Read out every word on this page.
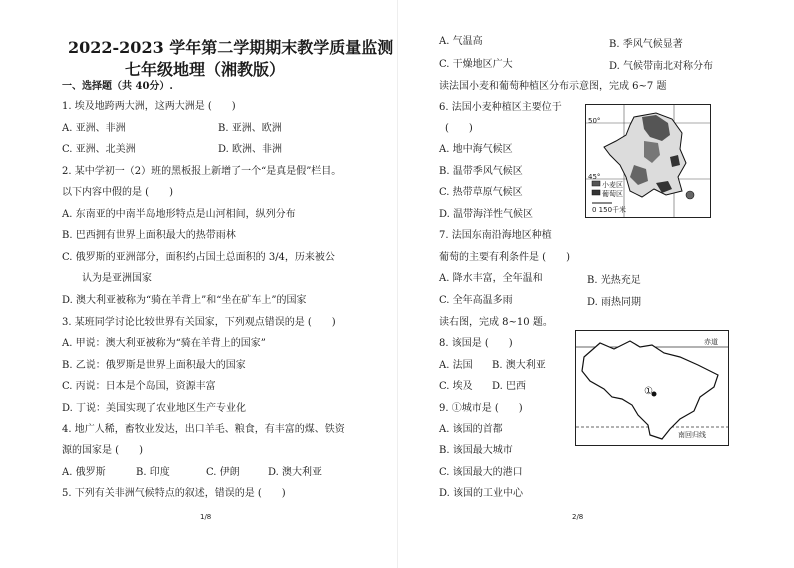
2022-2023 学年第二学期期末教学质量监测
七年级地理（湘教版）
一、选择题（共 40分）.
1. 埃及地跨两大洲，这两大洲是 (　　)
A. 亚洲、非洲	B. 亚洲、欧洲
C. 亚洲、北美洲	D. 欧洲、非洲
2. 某中学初一（2）班的黑板报上新增了一个“是真是假”栏目。
以下内容中假的是 (　　)
A. 东南亚的中南半岛地形特点是山河相间，纵列分布
B. 巴西拥有世界上面积最大的热带雨林
C. 俄罗斯的亚洲部分，面积约占国土总面积的 3/4，历来被公
认为是亚洲国家
D. 澳大利亚被称为“骑在羊背上”和“坐在矿车上”的国家
3. 某班同学讨论比较世界有关国家，下列观点错误的是 (　　)
A. 甲说：澳大利亚被称为“骑在羊背上的国家”
B. 乙说：俄罗斯是世界上面积最大的国家
C. 丙说：日本是个岛国，资源丰富
D. 丁说：美国实现了农业地区生产专业化
4. 地广人稀，畜牧业发达，出口羊毛、粮食，有丰富的煤、铁资
源的国家是 (　　)
A. 俄罗斯	B. 印度	C. 伊朗	D. 澳大利亚
5. 下列有关非洲气候特点的叙述，错误的是 (　　)
1/8
A. 气温高	B. 季风气候显著
C. 干燥地区广大	D. 气候带南北对称分布
读法国小麦和葡萄种植区分布示意图，完成 6~7 题
6. 法国小麦种植区主要位于
(　　)
A. 地中海气候区
B. 温带季风气候区
C. 热带草原气候区
D. 温带海洋性气候区
7. 法国东南沿海地区种植
葡萄的主要有利条件是 (　　)
A. 降水丰富，全年温和	B. 光热充足
C. 全年高温多雨	D. 雨热同期
读右图，完成 8~10 题。
8. 该国是 (　　)
A. 法国 B. 澳大利亚
C. 埃及 D. 巴西
9. ①城市是 (　　)
A. 该国的首都
B. 该国最大城市
C. 该国最大的港口
D. 该国的工业中心
50°
45°
小麦区
葡萄区
0 150千米
赤道
南回归线
①
2/8
